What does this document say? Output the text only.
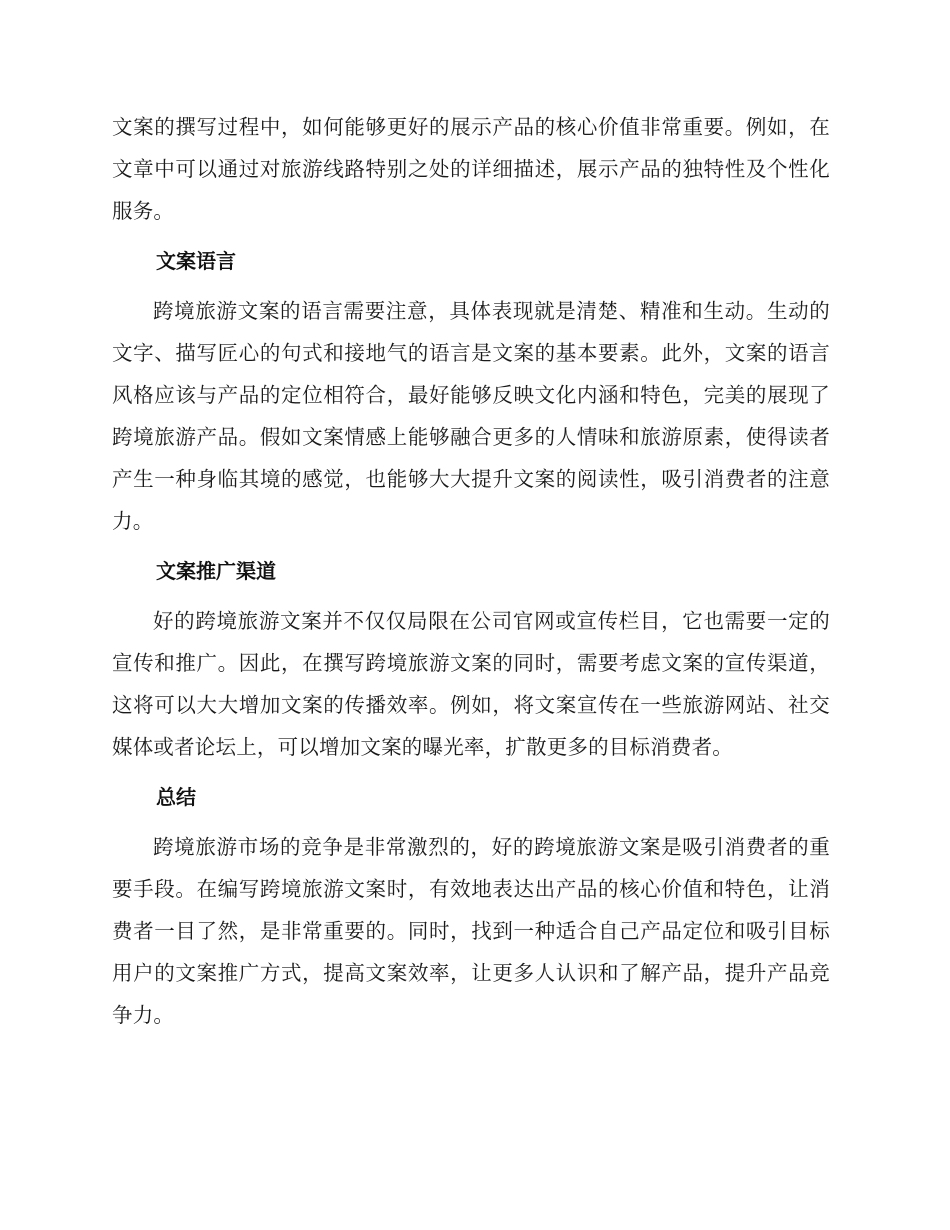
文案的撰写过程中，如何能够更好的展示产品的核心价值非常重要。例如，在文章中可以通过对旅游线路特别之处的详细描述，展示产品的独特性及个性化服务。

文案语言

跨境旅游文案的语言需要注意，具体表现就是清楚、精准和生动。生动的文字、描写匠心的句式和接地气的语言是文案的基本要素。此外，文案的语言风格应该与产品的定位相符合，最好能够反映文化内涵和特色，完美的展现了跨境旅游产品。假如文案情感上能够融合更多的人情味和旅游原素，使得读者产生一种身临其境的感觉，也能够大大提升文案的阅读性，吸引消费者的注意力。

文案推广渠道

好的跨境旅游文案并不仅仅局限在公司官网或宣传栏目，它也需要一定的宣传和推广。因此，在撰写跨境旅游文案的同时，需要考虑文案的宣传渠道，这将可以大大增加文案的传播效率。例如，将文案宣传在一些旅游网站、社交媒体或者论坛上，可以增加文案的曝光率，扩散更多的目标消费者。

总结

跨境旅游市场的竞争是非常激烈的，好的跨境旅游文案是吸引消费者的重要手段。在编写跨境旅游文案时，有效地表达出产品的核心价值和特色，让消费者一目了然，是非常重要的。同时，找到一种适合自己产品定位和吸引目标用户的文案推广方式，提高文案效率，让更多人认识和了解产品，提升产品竞争力。
